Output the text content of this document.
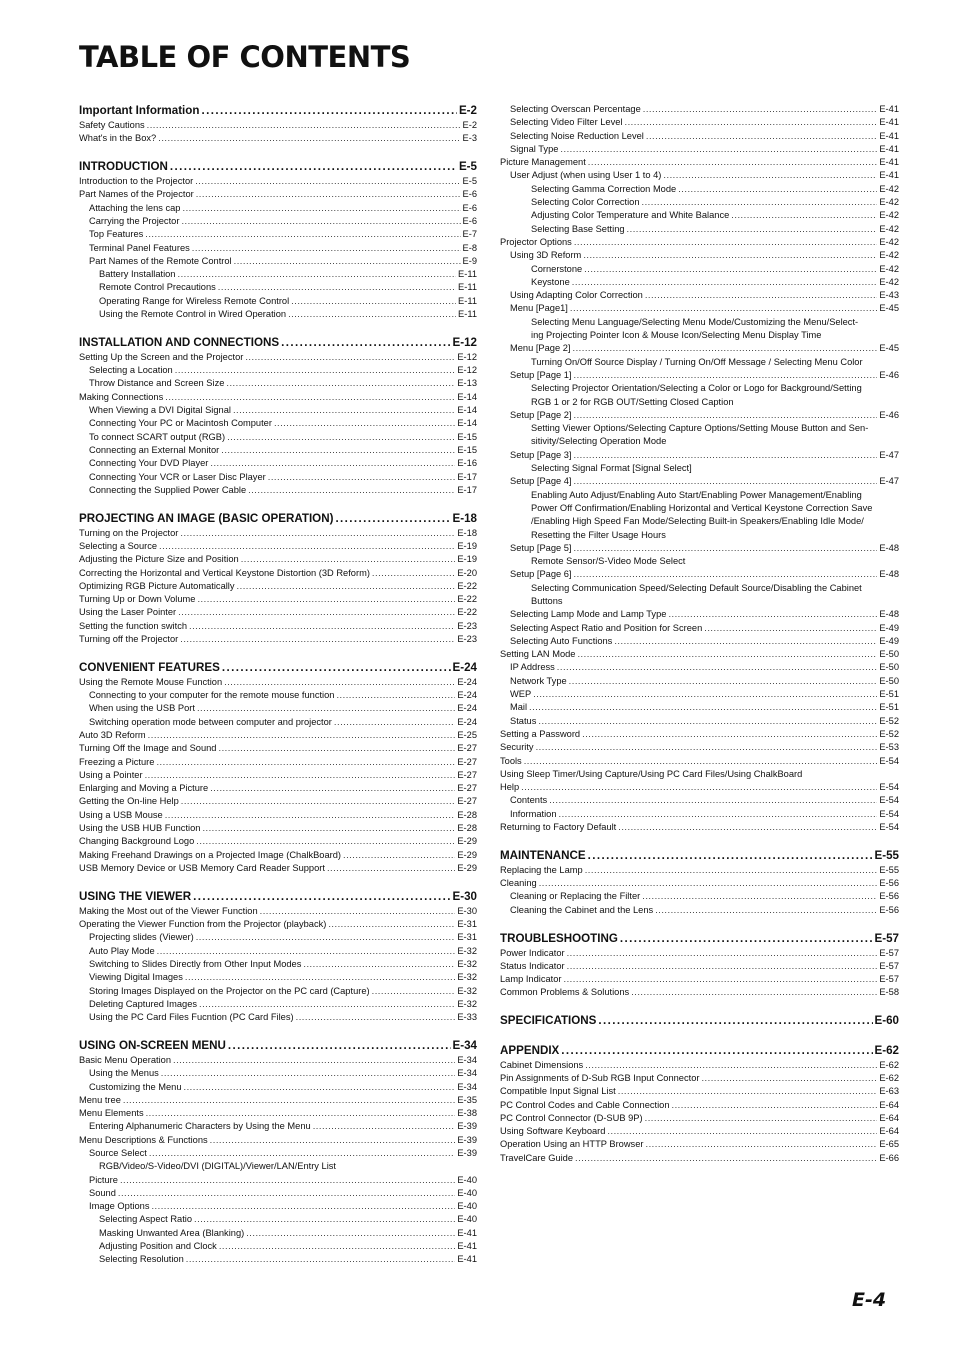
TABLE OF CONTENTS
Important Information .....	E-2
Safety Cautions .....	E-2
What's in the Box? .....	E-3
INTRODUCTION .....	E-5
Introduction to the Projector .....	E-5
Part Names of the Projector .....	E-6
Attaching the lens cap .....	E-6
Carrying the Projector .....	E-6
Top Features .....	E-7
Terminal Panel Features .....	E-8
Part Names of the Remote Control .....	E-9
Battery Installation .....	E-11
Remote Control Precautions .....	E-11
Operating Range for Wireless Remote Control .....	E-11
Using the Remote Control in Wired Operation .....	E-11
INSTALLATION AND CONNECTIONS .....	E-12
Setting Up the Screen and the Projector .....	E-12
Selecting a Location .....	E-12
Throw Distance and Screen Size .....	E-13
Making Connections .....	E-14
When Viewing a DVI Digital Signal .....	E-14
Connecting Your PC or Macintosh Computer .....	E-14
To connect SCART output (RGB) .....	E-15
Connecting an External Monitor .....	E-15
Connecting Your DVD Player .....	E-16
Connecting Your VCR or Laser Disc Player .....	E-17
Connecting the Supplied Power Cable .....	E-17
PROJECTING AN IMAGE (BASIC OPERATION) .....	E-18
Turning on the Projector .....	E-18
Selecting a Source .....	E-19
Adjusting the Picture Size and Position .....	E-19
Correcting the Horizontal and Vertical Keystone Distortion (3D Reform) .....	E-20
Optimizing RGB Picture Automatically .....	E-22
Turning Up or Down Volume .....	E-22
Using the Laser Pointer .....	E-22
Setting the function switch .....	E-23
Turning off the Projector .....	E-23
CONVENIENT FEATURES .....	E-24
Using the Remote Mouse Function .....	E-24
Connecting to your computer for the remote mouse function .....	E-24
When using the USB Port .....	E-24
Switching operation mode between computer and projector .....	E-24
Auto 3D Reform .....	E-25
Turning Off the Image and Sound .....	E-27
Freezing a Picture .....	E-27
Using a Pointer .....	E-27
Enlarging and Moving a Picture .....	E-27
Getting the On-line Help .....	E-27
Using a USB Mouse .....	E-28
Using the USB HUB Function .....	E-28
Changing Background Logo .....	E-29
Making Freehand Drawings on a Projected Image (ChalkBoard) .....	E-29
USB Memory Device or USB Memory Card Reader Support .....	E-29
USING THE VIEWER .....	E-30
Making the Most out of the Viewer Function .....	E-30
Operating the Viewer Function from the Projector (playback) .....	E-31
Projecting slides (Viewer) .....	E-31
Auto Play Mode .....	E-32
Switching to Slides Directly from Other Input Modes .....	E-32
Viewing Digital Images .....	E-32
Storing Images Displayed on the Projector on the PC card (Capture) .....	E-32
Deleting Captured Images .....	E-32
Using the PC Card Files Fucntion (PC Card Files) .....	E-33
USING ON-SCREEN MENU .....	E-34
Basic Menu Operation .....	E-34
Using the Menus .....	E-34
Customizing the Menu .....	E-34
Menu tree .....	E-35
Menu Elements .....	E-38
Entering Alphanumeric Characters by Using the Menu .....	E-39
Menu Descriptions & Functions .....	E-39
Source Select .....	E-39
RGB/Video/S-Video/DVI (DIGITAL)/Viewer/LAN/Entry List
Picture .....	E-40
Sound .....	E-40
Image Options .....	E-40
Selecting Aspect Ratio .....	E-40
Masking Unwanted Area (Blanking) .....	E-41
Adjusting Position and Clock .....	E-41
Selecting Resolution .....	E-41
Selecting Overscan Percentage .....	E-41
Selecting Video Filter Level .....	E-41
Selecting Noise Reduction Level .....	E-41
Signal Type .....	E-41
Picture Management .....	E-41
User Adjust (when using User 1 to 4) .....	E-41
Selecting Gamma Correction Mode .....	E-42
Selecting Color Correction .....	E-42
Adjusting Color Temperature and White Balance .....	E-42
Selecting Base Setting .....	E-42
Projector Options .....	E-42
Using 3D Reform .....	E-42
Cornerstone .....	E-42
Keystone .....	E-42
Using Adapting Color Correction .....	E-43
Menu [Page1] .....	E-45
Selecting Menu Language/Selecting Menu Mode/Customizing the Menu/Select-
ing Projecting Pointer Icon & Mouse Icon/Selecting Menu Display Time
Menu [Page 2] .....	E-45
Turning On/Off Source Display / Turning On/Off Message / Selecting Menu Color
Setup [Page 1] .....	E-46
Selecting Projector Orientation/Selecting a Color or Logo for Background/Setting
RGB 1 or 2 for RGB OUT/Setting Closed Caption
Setup [Page 2] .....	E-46
Setting Viewer Options/Selecting Capture Options/Setting Mouse Button and Sen-
sitivity/Selecting Operation Mode
Setup [Page 3] .....	E-47
Selecting Signal Format [Signal Select]
Setup [Page 4] .....	E-47
Enabling Auto Adjust/Enabling Auto Start/Enabling Power Management/Enabling
Power Off Confirmation/Enabling Horizontal and Vertical Keystone Correction Save
/Enabling High Speed Fan Mode/Selecting Built-in Speakers/Enabling Idle Mode/
Resetting the Filter Usage Hours
Setup [Page 5] .....	E-48
Remote Sensor/S-Video Mode Select
Setup [Page 6] .....	E-48
Selecting Communication Speed/Selecting Default Source/Disabling the Cabinet
Buttons
Selecting Lamp Mode and Lamp Type .....	E-48
Selecting Aspect Ratio and Position for Screen .....	E-49
Selecting Auto Functions .....	E-49
Setting LAN Mode .....	E-50
IP Address .....	E-50
Network Type .....	E-50
WEP .....	E-51
Mail .....	E-51
Status .....	E-52
Setting a Password .....	E-52
Security .....	E-53
Tools .....	E-54
Using Sleep Timer/Using Capture/Using PC Card Files/Using ChalkBoard
Help .....	E-54
Contents .....	E-54
Information .....	E-54
Returning to Factory Default .....	E-54
MAINTENANCE .....	E-55
Replacing the Lamp .....	E-55
Cleaning .....	E-56
Cleaning or Replacing the Filter .....	E-56
Cleaning the Cabinet and the Lens .....	E-56
TROUBLESHOOTING .....	E-57
Power Indicator .....	E-57
Status Indicator .....	E-57
Lamp Indicator .....	E-57
Common Problems & Solutions .....	E-58
SPECIFICATIONS .....	E-60
APPENDIX .....	E-62
Cabinet Dimensions .....	E-62
Pin Assignments of D-Sub RGB Input Connector .....	E-62
Compatible Input Signal List .....	E-63
PC Control Codes and Cable Connection .....	E-64
PC Control Connector (D-SUB 9P) .....	E-64
Using Software Keyboard .....	E-64
Operation Using an HTTP Browser .....	E-65
TravelCare Guide .....	E-66

E-4
